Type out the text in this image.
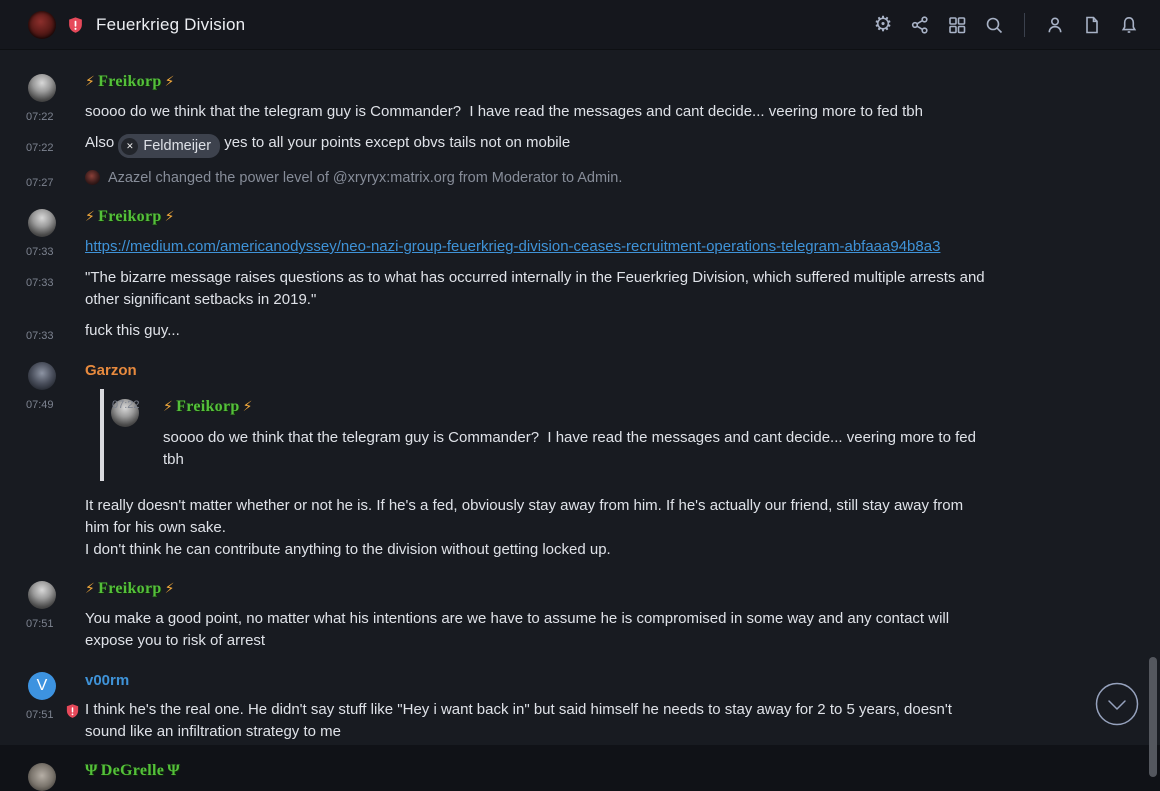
Feuerkrieg Division	⚙
⚡ Freikorp ⚡
07:22 soooo do we think that the telegram guy is Commander?  I have read the messages and cant decide... veering more to fed tbh
07:22 Also ✕ Feldmeijer yes to all your points except obvs tails not on mobile
07:27	Azazel changed the power level of @xryryx:matrix.org from Moderator to Admin.
⚡ Freikorp ⚡
07:33 https://medium.com/americanodyssey/neo-nazi-group-feuerkrieg-division-ceases-recruitment-operations-telegram-abfaaa94b8a3
07:33 "The bizarre message raises questions as to what has occurred internally in the Feuerkrieg Division, which suffered multiple arrests and other significant setbacks in 2019."
07:33 fuck this guy...
Garzon
07:49	07:22 ⚡ Freikorp ⚡
soooo do we think that the telegram guy is Commander?  I have read the messages and cant decide... veering more to fed tbh
It really doesn't matter whether or not he is. If he's a fed, obviously stay away from him. If he's actually our friend, still stay away from him for his own sake.
I don't think he can contribute anything to the division without getting locked up.
⚡ Freikorp ⚡
07:51 You make a good point, no matter what his intentions are we have to assume he is compromised in some way and any contact will expose you to risk of arrest
V	v00rm
07:51 I think he's the real one. He didn't say stuff like "Hey i want back in" but said himself he needs to stay away for 2 to 5 years, doesn't sound like an infiltration strategy to me
Ψ DeGrelle Ψ
